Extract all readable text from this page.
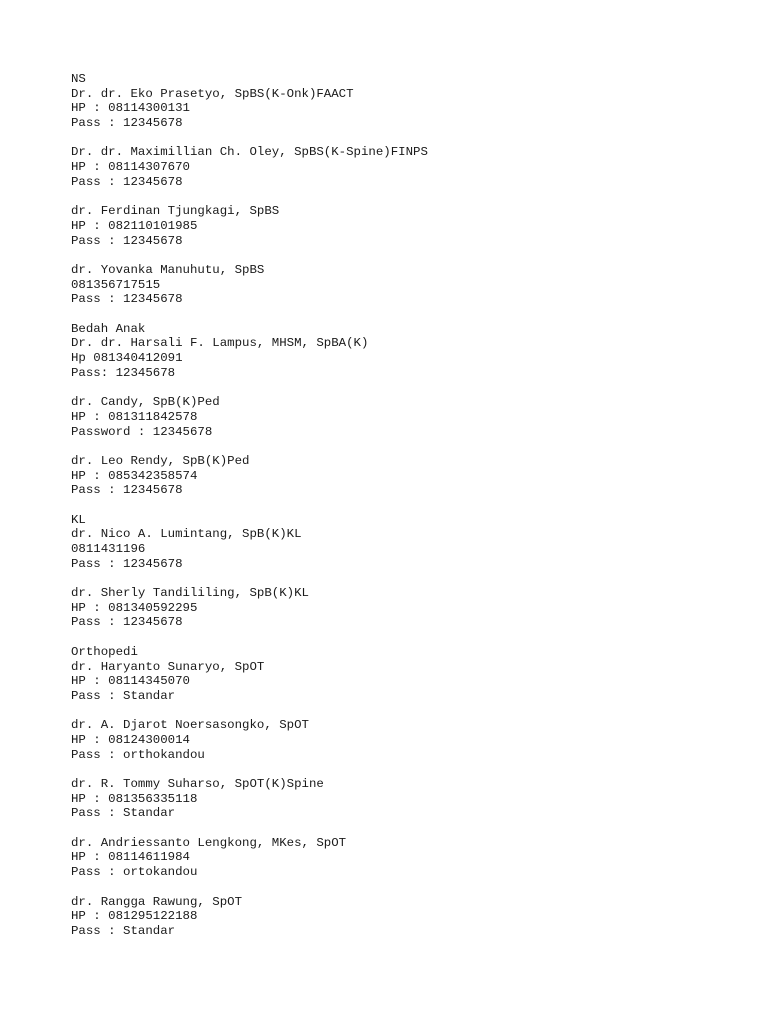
NS
Dr. dr. Eko Prasetyo, SpBS(K-Onk)FAACT
HP : 08114300131
Pass : 12345678
Dr. dr. Maximillian Ch. Oley, SpBS(K-Spine)FINPS
HP : 08114307670
Pass : 12345678
dr. Ferdinan Tjungkagi, SpBS
HP : 082110101985
Pass : 12345678
dr. Yovanka Manuhutu, SpBS
081356717515
Pass : 12345678
Bedah Anak
Dr. dr. Harsali F. Lampus, MHSM, SpBA(K)
Hp 081340412091
Pass: 12345678
dr. Candy, SpB(K)Ped
HP : 081311842578
Password : 12345678
dr. Leo Rendy, SpB(K)Ped
HP : 085342358574
Pass : 12345678
KL
dr. Nico A. Lumintang, SpB(K)KL
0811431196
Pass : 12345678
dr. Sherly Tandililing, SpB(K)KL
HP : 081340592295
Pass : 12345678
Orthopedi
dr. Haryanto Sunaryo, SpOT
HP : 08114345070
Pass : Standar
dr. A. Djarot Noersasongko, SpOT
HP : 08124300014
Pass : orthokandou
dr. R. Tommy Suharso, SpOT(K)Spine
HP : 081356335118
Pass : Standar
dr. Andriessanto Lengkong, MKes, SpOT
HP : 08114611984
Pass : ortokandou
dr. Rangga Rawung, SpOT
HP : 081295122188
Pass : Standar
